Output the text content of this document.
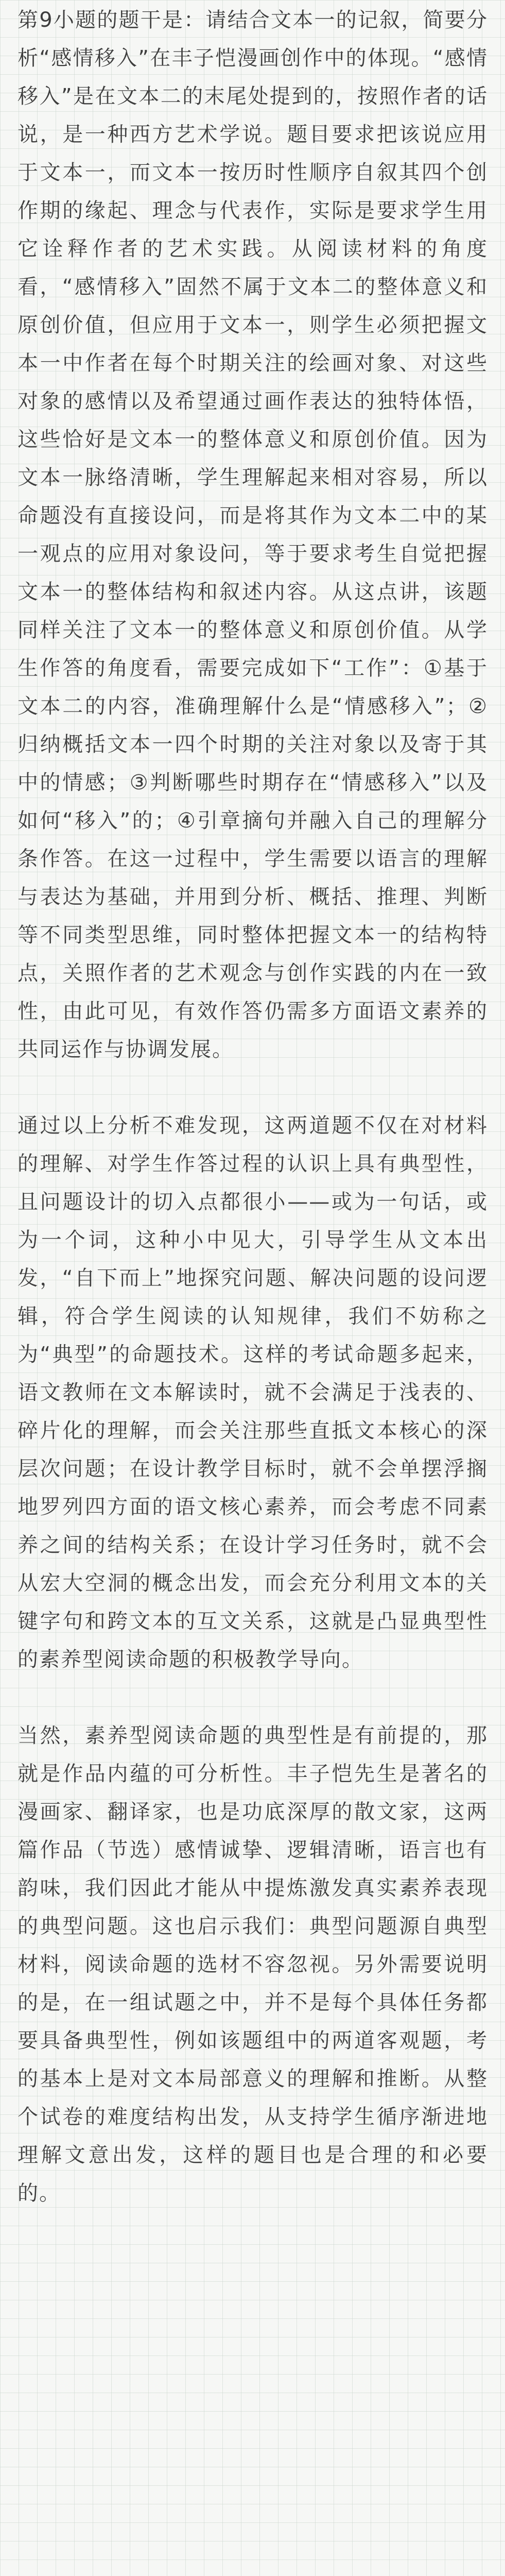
第9小题的题干是：请结合文本一的记叙，简要分析“感情移入”在丰子恺漫画创作中的体现。“感情移入”是在文本二的末尾处提到的，按照作者的话说，是一种西方艺术学说。题目要求把该说应用于文本一，而文本一按历时性顺序自叙其四个创作期的缘起、理念与代表作，实际是要求学生用它诠释作者的艺术实践。从阅读材料的角度看，“感情移入”固然不属于文本二的整体意义和原创价值，但应用于文本一，则学生必须把握文本一中作者在每个时期关注的绘画对象、对这些对象的感情以及希望通过画作表达的独特体悟，这些恰好是文本一的整体意义和原创价值。因为文本一脉络清晰，学生理解起来相对容易，所以命题没有直接设问，而是将其作为文本二中的某一观点的应用对象设问，等于要求考生自觉把握文本一的整体结构和叙述内容。从这点讲，该题同样关注了文本一的整体意义和原创价值。从学生作答的角度看，需要完成如下“工作”：①基于文本二的内容，准确理解什么是“情感移入”；②归纳概括文本一四个时期的关注对象以及寄于其中的情感；③判断哪些时期存在“情感移入”以及如何“移入”的；④引章摘句并融入自己的理解分条作答。在这一过程中，学生需要以语言的理解与表达为基础，并用到分析、概括、推理、判断等不同类型思维，同时整体把握文本一的结构特点，关照作者的艺术观念与创作实践的内在一致性，由此可见，有效作答仍需多方面语文素养的共同运作与协调发展。

通过以上分析不难发现，这两道题不仅在对材料的理解、对学生作答过程的认识上具有典型性，且问题设计的切入点都很小——或为一句话，或为一个词，这种小中见大，引导学生从文本出发，“自下而上”地探究问题、解决问题的设问逻辑，符合学生阅读的认知规律，我们不妨称之为“典型”的命题技术。这样的考试命题多起来，语文教师在文本解读时，就不会满足于浅表的、碎片化的理解，而会关注那些直抵文本核心的深层次问题；在设计教学目标时，就不会单摆浮搁地罗列四方面的语文核心素养，而会考虑不同素养之间的结构关系；在设计学习任务时，就不会从宏大空洞的概念出发，而会充分利用文本的关键字句和跨文本的互文关系，这就是凸显典型性的素养型阅读命题的积极教学导向。

当然，素养型阅读命题的典型性是有前提的，那就是作品内蕴的可分析性。丰子恺先生是著名的漫画家、翻译家，也是功底深厚的散文家，这两篇作品（节选）感情诚挚、逻辑清晰，语言也有韵味，我们因此才能从中提炼激发真实素养表现的典型问题。这也启示我们：典型问题源自典型材料，阅读命题的选材不容忽视。另外需要说明的是，在一组试题之中，并不是每个具体任务都要具备典型性，例如该题组中的两道客观题，考的基本上是对文本局部意义的理解和推断。从整个试卷的难度结构出发，从支持学生循序渐进地理解文意出发，这样的题目也是合理的和必要的。
